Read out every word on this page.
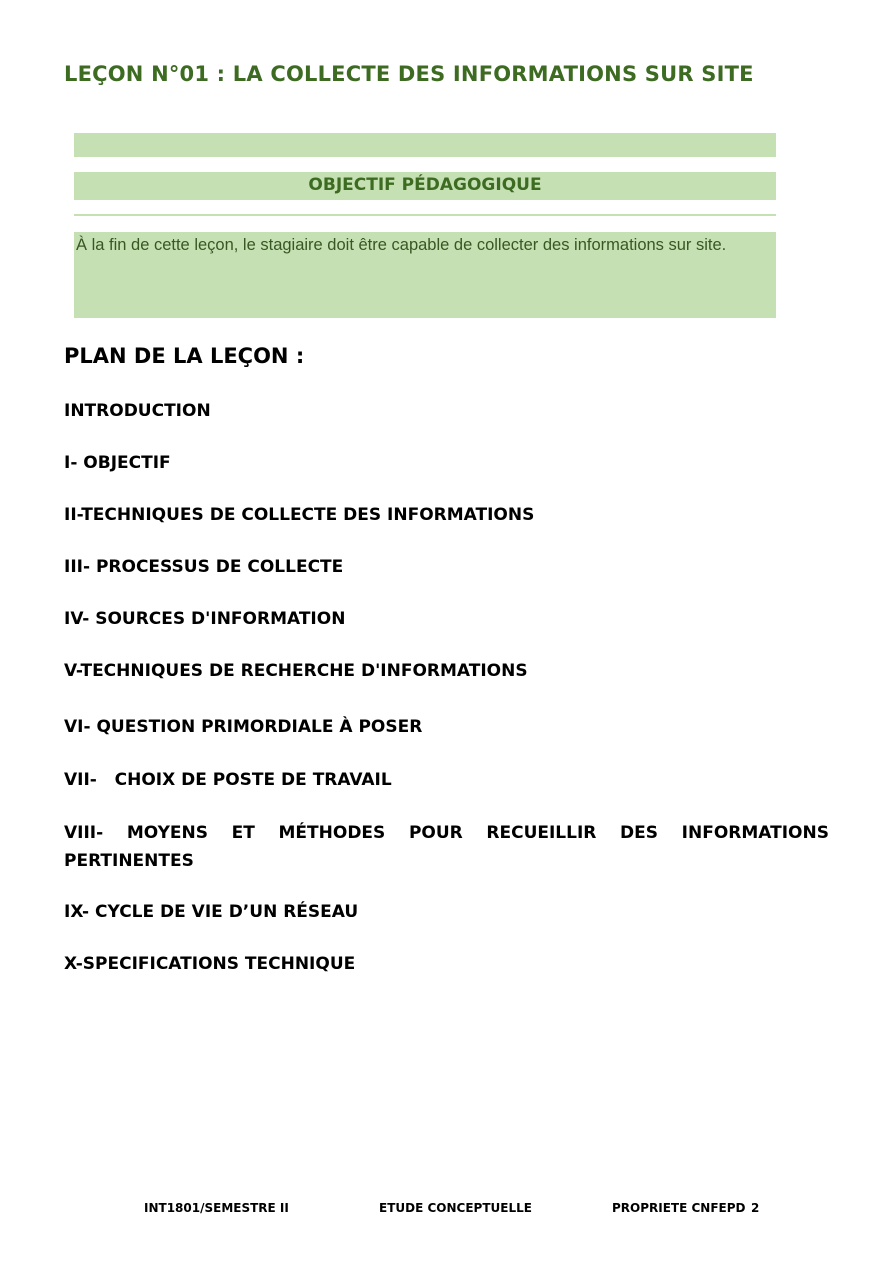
LEÇON N°01 : LA COLLECTE DES INFORMATIONS SUR SITE
OBJECTIF PÉDAGOGIQUE
À la fin de cette leçon, le stagiaire doit être capable de collecter des informations sur site.
PLAN DE LA LEÇON :

INTRODUCTION

I- OBJECTIF

II-TECHNIQUES DE COLLECTE DES INFORMATIONS

III- PROCESSUS DE COLLECTE

IV- SOURCES D'INFORMATION

V-TECHNIQUES DE RECHERCHE D'INFORMATIONS

VI- QUESTION PRIMORDIALE À POSER

VII-   CHOIX DE POSTE DE TRAVAIL

VIII- MOYENS ET MÉTHODES POUR RECUEILLIR DES INFORMATIONS
PERTINENTES

IX- CYCLE DE VIE D’UN RÉSEAU

X-SPECIFICATIONS TECHNIQUE

INT1801/SEMESTRE II	ETUDE CONCEPTUELLE	PROPRIETE CNFEPD 2
